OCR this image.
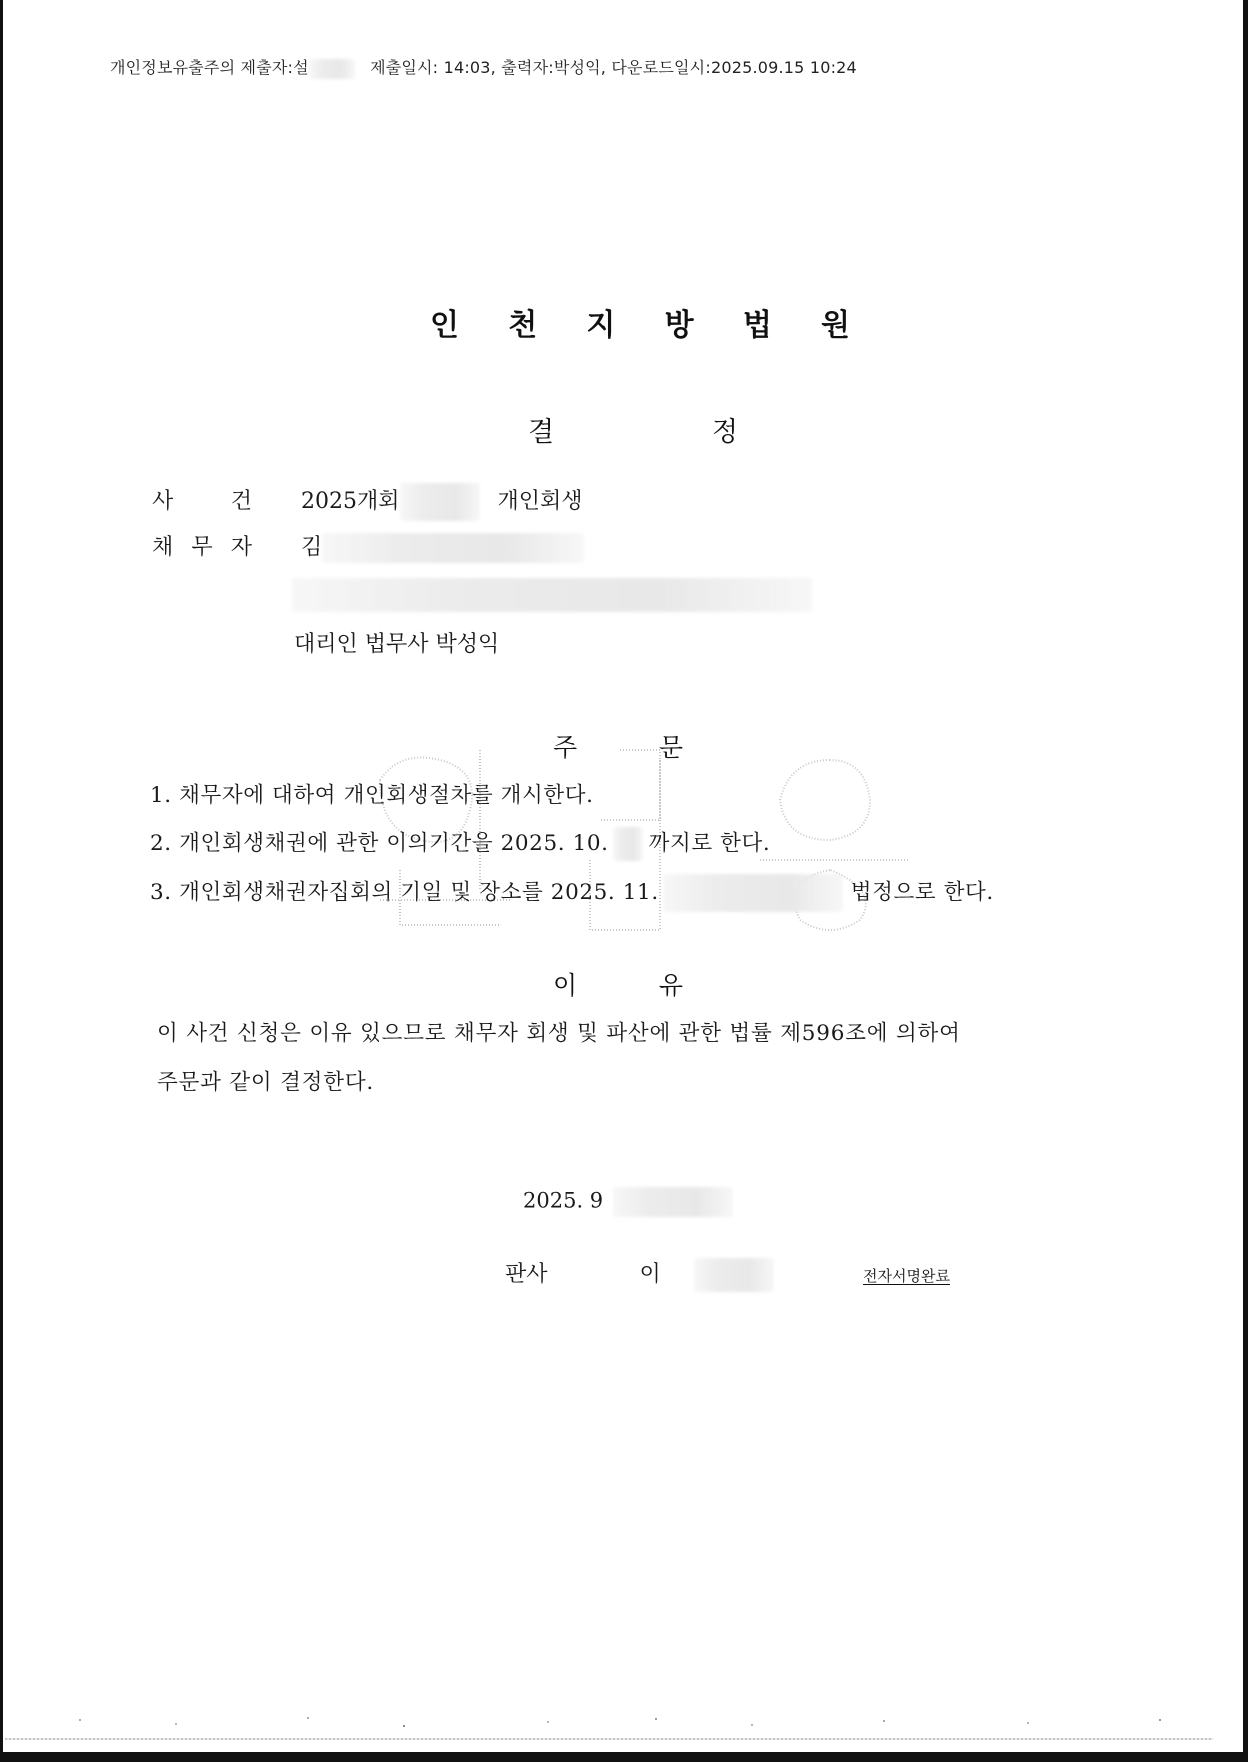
개인정보유출주의 제출자:설	제출일시: 14:03, 출력자:박성익, 다운로드일시:2025.09.15 10:24
인 천 지 방 법 원
결	정
사	건 2025개회	개인회생
채 무 자 김
대리인 법무사 박성익
주	문
1. 채무자에 대하여 개인회생절차를 개시한다.
2. 개인회생채권에 관한 이의기간을 2025. 10. 까지로 한다.
3. 개인회생채권자집회의 기일 및 장소를 2025. 11.	법정으로 한다.
이	유
이 사건 신청은 이유 있으므로 채무자 회생 및 파산에 관한 법률 제596조에 의하여
주문과 같이 결정한다.
2025. 9
판사	이	전자서명완료
